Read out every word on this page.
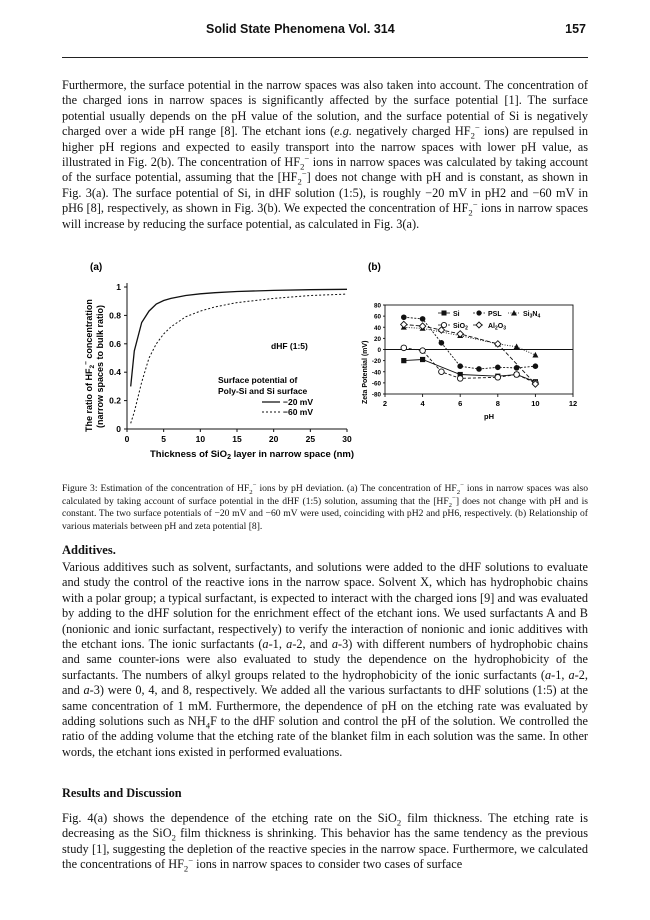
Solid State Phenomena Vol. 314	157

Furthermore, the surface potential in the narrow spaces was also taken into account. The concentration of the charged ions in narrow spaces is significantly affected by the surface potential [1]. The surface potential usually depends on the pH value of the solution, and the surface potential of Si is negatively charged over a wide pH range [8]. The etchant ions (e.g. negatively charged $HF_2^-$ ions) are repulsed in higher pH regions and expected to easily transport into the narrow spaces with lower pH value, as illustrated in Fig. 2(b). The concentration of $HF_2^-$ ions in narrow spaces was calculated by taking account of the surface potential, assuming that the $[HF_2^-]$ does not change with pH and is constant, as shown in Fig. 3(a). The surface potential of Si, in dHF solution (1:5), is roughly −20 mV in pH2 and −60 mV in pH6 [8], respectively, as shown in Fig. 3(b). We expected the concentration of $HF_2^-$ ions in narrow spaces will increase by reducing the surface potential, as calculated in Fig. 3(a).

(a)
The ratio of $HF_2^-$ concentration (narrow spaces to bulk ratio)
0	5	10	15	20	25	30
0
0.2
0.4
0.6
0.8
1
dHF (1:5)
Surface potential of
Poly-Si and Si surface
−20 mV
−60 mV
Thickness of SiO$_2$ layer in narrow space (nm)
(b)
Zeta Potential (mV) 2	4	6	8	10	12
-80
-60
-40
-20
0
20
40
60
80
Si	PSL	$Si_3N_4$
SiO$_2$	$Al_2O_3$
pH

Figure 3: Estimation of the concentration of $HF_2^-$ ions by pH deviation. (a) The concentration of $HF_2^-$ ions in narrow spaces was also calculated by taking account of surface potential in the dHF (1:5) solution, assuming that the $[HF_2^-]$ does not change with pH and is constant. The two surface potentials of −20 mV and −60 mV were used, coinciding with pH2 and pH6, respectively. (b) Relationship of various materials between pH and zeta potential [8].

Additives.

Various additives such as solvent, surfactants, and solutions were added to the dHF solutions to evaluate and study the control of the reactive ions in the narrow space. Solvent X, which has hydrophobic chains with a polar group; a typical surfactant, is expected to interact with the charged ions [9] and was evaluated by adding to the dHF solution for the enrichment effect of the etchant ions. We used surfactants A and B (nonionic and ionic surfactant, respectively) to verify the interaction of nonionic and ionic additives with the etchant ions. The ionic surfactants (a-1, a-2, and a-3) with different numbers of hydrophobic chains and same counter-ions were also evaluated to study the dependence on the hydrophobicity of the surfactants. The numbers of alkyl groups related to the hydrophobicity of the ionic surfactants (a-1, a-2, and a-3) were 0, 4, and 8, respectively. We added all the various surfactants to dHF solutions (1:5) at the same concentration of 1 mM. Furthermore, the dependence of pH on the etching rate was evaluated by adding solutions such as $NH_4F$ to the dHF solution and control the pH of the solution. We controlled the ratio of the adding volume that the etching rate of the blanket film in each solution was the same. In other words, the etchant ions existed in performed evaluations.

Results and Discussion

Fig. 4(a) shows the dependence of the etching rate on the SiO$_2$ film thickness. The etching rate is decreasing as the SiO$_2$ film thickness is shrinking. This behavior has the same tendency as the previous study [1], suggesting the depletion of the reactive species in the narrow space. Furthermore, we calculated the concentrations of $HF_2^-$ ions in narrow spaces to consider two cases of surface
